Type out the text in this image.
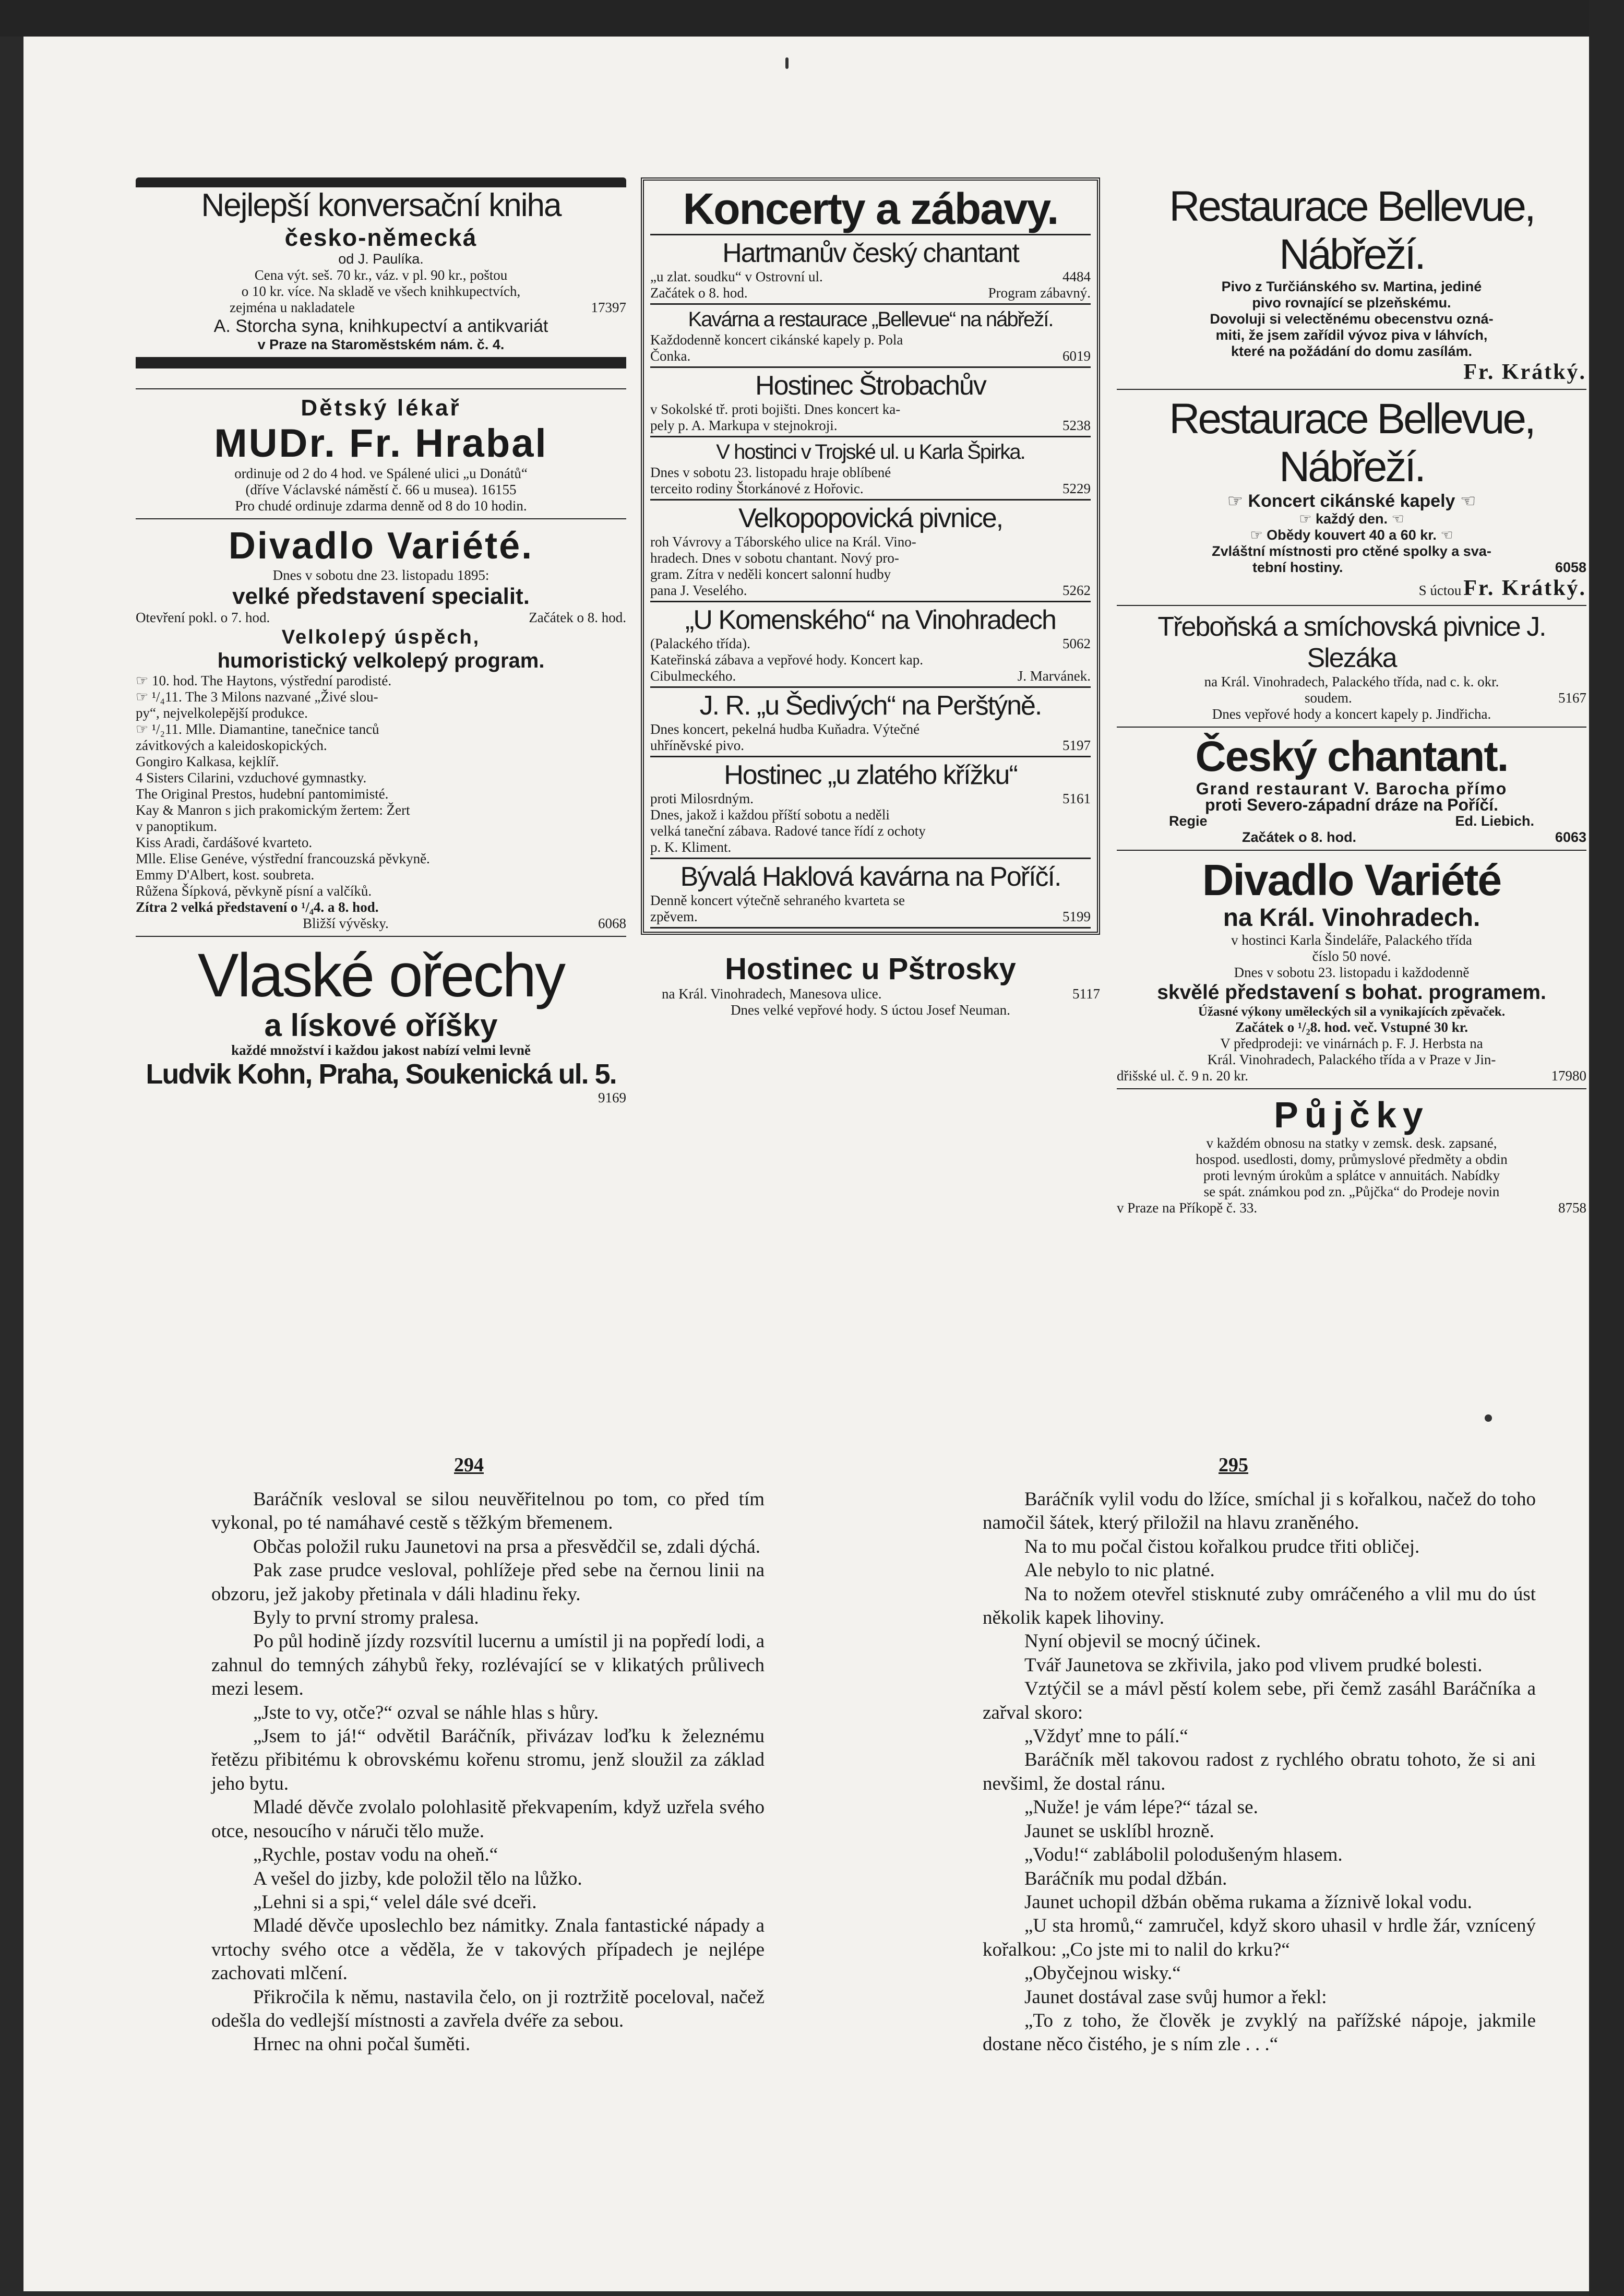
Nejlepší konversační kniha
česko-německá
od J. Paulíka.
Cena výt. seš. 70 kr., váz. v pl. 90 kr., poštou
o 10 kr. více. Na skladě ve všech knihkupectvích,
zejména u nakladatele	17397
A. Storcha syna, knihkupectví a antikvariát
v Praze na Staroměstském nám. č. 4.
Dětský lékař
MUDr. Fr. Hrabal
ordinuje od 2 do 4 hod. ve Spálené ulici „u Donátů“
(dříve Václavské náměstí č. 66 u musea). 16155
Pro chudé ordinuje zdarma denně od 8 do 10 hodin.
Divadlo Variété.
Dnes v sobotu dne 23. listopadu 1895:
velké představení specialit.
Otevření pokl. o 7. hod.	Začátek o 8. hod.
Velkolepý úspěch,
humoristický velkolepý program.
☞ 10. hod. The Haytons, výstřední parodisté.
☞ ¹/₄11. The 3 Milons nazvané „Živé slou-
py“, nejvelkolepější produkce.
☞ ¹/₂11. Mlle. Diamantine, tanečnice tanců
závitkových a kaleidoskopických.
Gongiro Kalkasa, kejklíř.
4 Sisters Cilarini, vzduchové gymnastky.
The Original Prestos, hudební pantomimisté.
Kay & Manron s jich prakomickým žertem: Žert
v panoptikum.
Kiss Aradi, čardášové kvarteto.
Mlle. Elise Genéve, výstřední francouzská pěvkyně.
Emmy D'Albert, kost. soubreta.
Růžena Šípková, pěvkyně písní a valčíků.
Zítra 2 velká představení o ¹/₄4. a 8. hod.
Bližší vývěsky.	6068
Vlaské ořechy
a lískové oříšky
každé množství i každou jakost nabízí velmi levně
Ludvik Kohn, Praha, Soukenická ul. 5.
9169
Koncerty a zábavy.
Hartmanův český chantant
„u zlat. soudku“ v Ostrovní ul.	4484
Začátek o 8. hod.	Program zábavný.
Kavárna a restaurace „Bellevue“ na nábřeží.
Každodenně koncert cikánské kapely p. Pola
Čonka.	6019
Hostinec Štrobachův
v Sokolské tř. proti bojišti. Dnes koncert ka-
pely p. A. Markupa v stejnokroji.	5238
V hostinci v Trojské ul. u Karla Špirka.
Dnes v sobotu 23. listopadu hraje oblíbené
terceito rodiny Štorkánové z Hořovic.	5229
Velkopopovická pivnice,
roh Vávrovy a Táborského ulice na Král. Vino-
hradech. Dnes v sobotu chantant. Nový pro-
gram. Zítra v neděli koncert salonní hudby
pana J. Veselého.	5262
„U Komenského“ na Vinohradech
(Palackého třída).	5062
Kateřinská zábava a vepřové hody. Koncert kap.
Cibulmeckého.	J. Marvánek.
J. R. „u Šedivých“ na Perštýně.
Dnes koncert, pekelná hudba Kuňadra. Výtečné
uhříněvské pivo.	5197
Hostinec „u zlatého křížku“
proti Milosrdným.	5161
Dnes, jakož i každou příští sobotu a neděli
velká taneční zábava. Radové tance řídí z ochoty
p. K. Kliment.
Bývalá Haklová kavárna na Poříčí.
Denně koncert výtečně sehraného kvarteta se
zpěvem.	5199
Hostinec u Pštrosky
na Král. Vinohradech, Manesova ulice.	5117
Dnes velké vepřové hody. S úctou Josef Neuman.
Restaurace Bellevue, Nábřeží.
Pivo z Turčiánského sv. Martina, jediné
pivo rovnající se plzeňskému.
Dovoluji si velectěnému obecenstvu ozná-
miti, že jsem zařídil vývoz piva v láhvích,
které na požádání do domu zasílám.
Fr. Krátký.
Restaurace Bellevue, Nábřeží.
☞ Koncert cikánské kapely ☜
☞ každý den. ☜
☞ Obědy kouvert 40 a 60 kr. ☜
Zvláštní místnosti pro ctěné spolky a sva-
tební hostiny.	6058
S úctou Fr. Krátký.
Třeboňská a smíchovská pivnice J. Slezáka
na Král. Vinohradech, Palackého třída, nad c. k. okr.
soudem.	5167
Dnes vepřové hody a koncert kapely p. Jindřicha.
Český chantant.
Grand restaurant V. Barocha přímo
proti Severo-západní dráze na Poříčí.
Regie	Ed. Liebich.
Začátek o 8. hod.	6063
Divadlo Variété
na Král. Vinohradech.
v hostinci Karla Šindeláře, Palackého třída
číslo 50 nové.
Dnes v sobotu 23. listopadu i každodenně
skvělé představení s bohat. programem.
Úžasné výkony uměleckých sil a vynikajících zpěvaček.
Začátek o ¹/₂8. hod. več. Vstupné 30 kr.
V předprodeji: ve vinárnách p. F. J. Herbsta na
Král. Vinohradech, Palackého třída a v Praze v Jin-
dřišské ul. č. 9 n. 20 kr.	17980
Půjčky
v každém obnosu na statky v zemsk. desk. zapsané,
hospod. usedlosti, domy, průmyslové předměty a obdin
proti levným úrokům a splátce v annuitách. Nabídky
se spát. známkou pod zn. „Půjčka“ do Prodeje novin
v Praze na Příkopě č. 33.	8758
294	295

Baráčník vesloval se silou neuvěřitelnou po tom, co před tím vykonal, po té namáhavé cestě s těžkým břemenem.

Občas položil ruku Jaunetovi na prsa a přesvědčil se, zdali dýchá.

Pak zase prudce vesloval, pohlížeje před sebe na černou linii na obzoru, jež jakoby přetinala v dáli hladinu řeky.

Byly to první stromy pralesa.

Po půl hodině jízdy rozsvítil lucernu a umístil ji na popředí lodi, a zahnul do temných záhybů řeky, rozlévající se v klikatých průlivech mezi lesem.

„Jste to vy, otče?“ ozval se náhle hlas s hůry.

„Jsem to já!“ odvětil Baráčník, přivázav loďku k železnému řetězu přibitému k obrovskému kořenu stromu, jenž sloužil za základ jeho bytu.

Mladé děvče zvolalo polohlasitě překvapením, když uzřela svého otce, nesoucího v náruči tělo muže.

„Rychle, postav vodu na oheň.“

A vešel do jizby, kde položil tělo na lůžko.

„Lehni si a spi,“ velel dále své dceři.

Mladé děvče uposlechlo bez námitky. Znala fantastické nápady a vrtochy svého otce a věděla, že v takových případech je nejlépe zachovati mlčení.

Přikročila k němu, nastavila čelo, on ji roztržitě poceloval, načež odešla do vedlejší místnosti a zavřela dvéře za sebou.

Hrnec na ohni počal šuměti.

Baráčník vylil vodu do lžíce, smíchal ji s kořalkou, načež do toho namočil šátek, který přiložil na hlavu zraněného.

Na to mu počal čistou kořalkou prudce třiti obličej.

Ale nebylo to nic platné.

Na to nožem otevřel stisknuté zuby omráčeného a vlil mu do úst několik kapek lihoviny.

Nyní objevil se mocný účinek.

Tvář Jaunetova se zkřivila, jako pod vlivem prudké bolesti.

Vztýčil se a mávl pěstí kolem sebe, při čemž zasáhl Baráčníka a zařval skoro:

„Vždyť mne to pálí.“

Baráčník měl takovou radost z rychlého obratu tohoto, že si ani nevšiml, že dostal ránu.

„Nuže! je vám lépe?“ tázal se.

Jaunet se usklíbl hrozně.

„Vodu!“ zablábolil polodušeným hlasem.

Baráčník mu podal džbán.

Jaunet uchopil džbán oběma rukama a žíznivě lokal vodu.

„U sta hromů,“ zamručel, když skoro uhasil v hrdle žár, vznícený kořalkou: „Co jste mi to nalil do krku?“

„Obyčejnou wisky.“

Jaunet dostával zase svůj humor a řekl:

„To z toho, že člověk je zvyklý na pařížské nápoje, jakmile dostane něco čistého, je s ním zle . . .“
